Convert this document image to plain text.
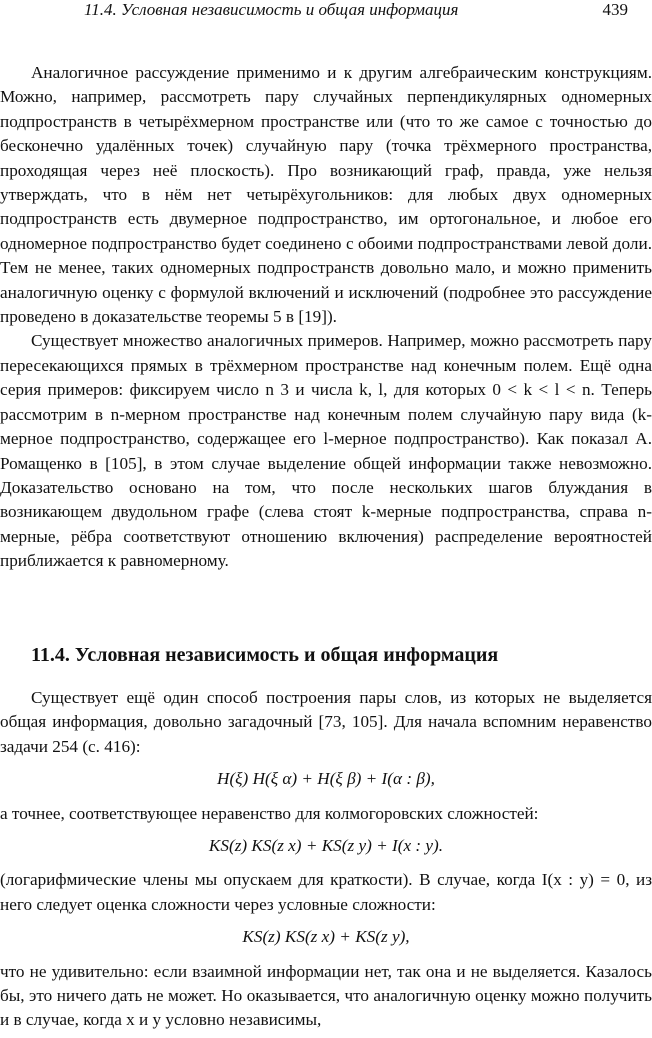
11.4. Условная независимость и общая информация	439

Аналогичное рассуждение применимо и к другим алгебраическим конструкциям. Можно, например, рассмотреть пару случайных перпендикулярных одномерных подпространств в четырёхмерном пространстве или (что то же самое с точностью до бесконечно удалённых точек) случайную пару (точка трёхмерного пространства, проходящая через неё плоскость). Про возникающий граф, правда, уже нельзя утверждать, что в нём нет четырёхугольников: для любых двух одномерных подпространств есть двумерное подпространство, им ортогональное, и любое его одномерное подпространство будет соединено с обоими подпространствами левой доли. Тем не менее, таких одномерных подпространств довольно мало, и можно применить аналогичную оценку с формулой включений и исключений (подробнее это рассуждение проведено в доказательстве теоремы 5 в [19]).

Существует множество аналогичных примеров. Например, можно рассмотреть пару пересекающихся прямых в трёхмерном пространстве над конечным полем. Ещё одна серия примеров: фиксируем число n 3 и числа k, l, для которых 0 < k < l < n. Теперь рассмотрим в n-мерном пространстве над конечным полем случайную пару вида (k-мерное подпространство, содержащее его l-мерное подпространство). Как показал А. Ромащенко в [105], в этом случае выделение общей информации также невозможно. Доказательство основано на том, что после нескольких шагов блуждания в возникающем двудольном графе (слева стоят k-мерные подпространства, справа n-мерные, рёбра соответствуют отношению включения) распределение вероятностей приближается к равномерному.

11.4. Условная независимость и общая информация

Существует ещё один способ построения пары слов, из которых не выделяется общая информация, довольно загадочный [73, 105]. Для начала вспомним неравенство задачи 254 (с. 416):

H(ξ) H(ξ α) + H(ξ β) + I(α : β),

а точнее, соответствующее неравенство для колмогоровских сложностей:

KS(z) KS(z x) + KS(z y) + I(x : y).

(логарифмические члены мы опускаем для краткости). В случае, когда I(x : y) = 0, из него следует оценка сложности через условные сложности:

KS(z) KS(z x) + KS(z y),

что не удивительно: если взаимной информации нет, так она и не выделяется. Казалось бы, это ничего дать не может. Но оказывается, что аналогичную оценку можно получить и в случае, когда x и y условно независимы,
